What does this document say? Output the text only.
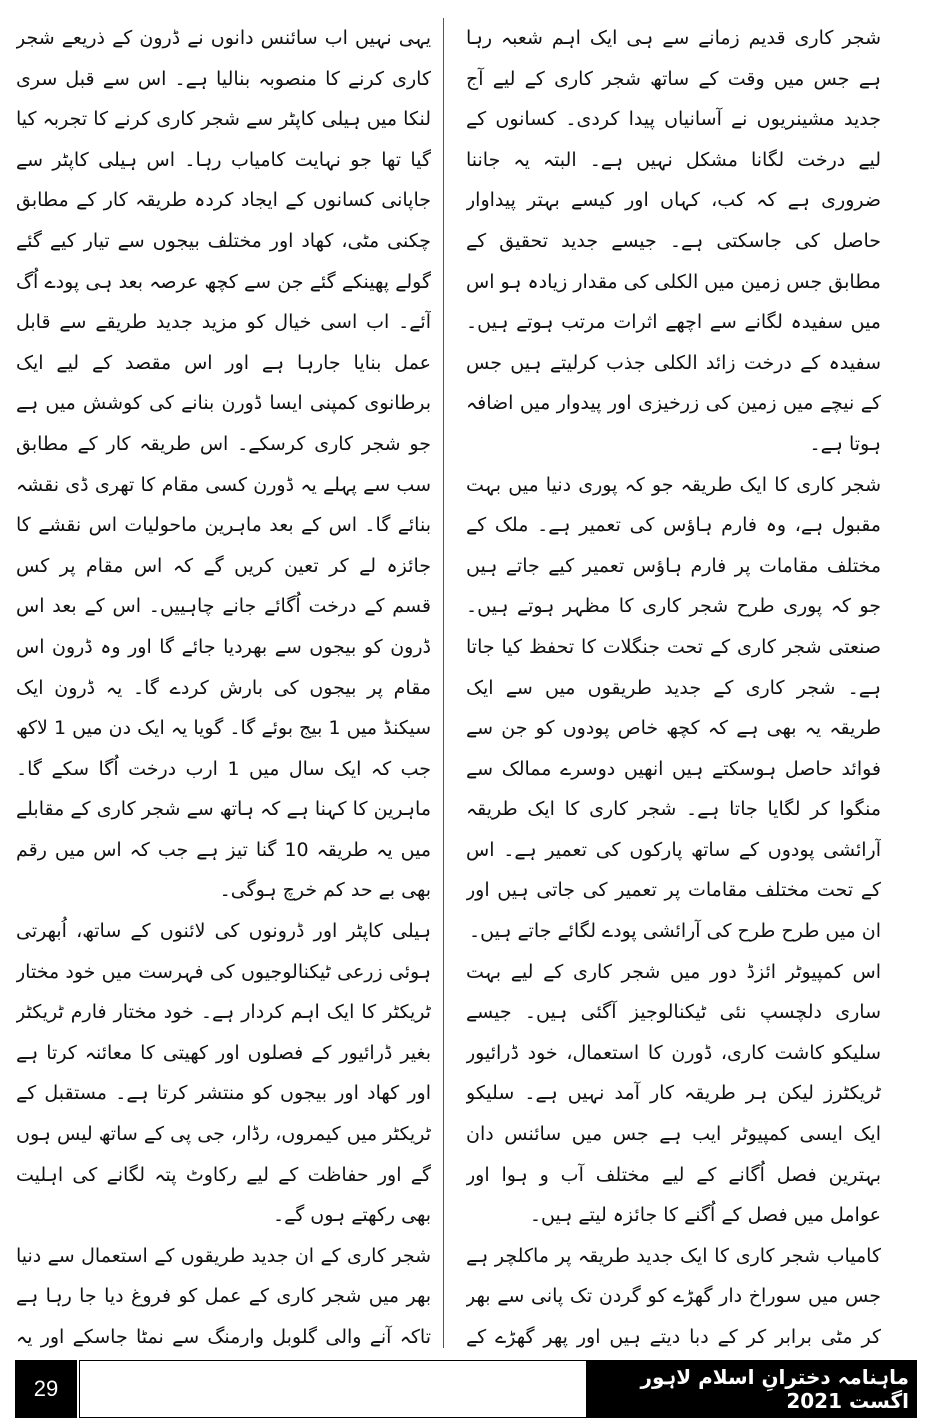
شجر کاری قدیم زمانے سے ہی ایک اہم شعبہ رہا ہے جس میں وقت کے ساتھ شجر کاری کے لیے آج جدید مشینریوں نے آسانیاں پیدا کردی۔ کسانوں کے لیے درخت لگانا مشکل نہیں ہے۔ البتہ یہ جاننا ضروری ہے کہ کب، کہاں اور کیسے بہتر پیداوار حاصل کی جاسکتی ہے۔ جیسے جدید تحقیق کے مطابق جس زمین میں الکلی کی مقدار زیادہ ہو اس میں سفیدہ لگانے سے اچھے اثرات مرتب ہوتے ہیں۔ سفیدہ کے درخت زائد الکلی جذب کرلیتے ہیں جس کے نیچے میں زمین کی زرخیزی اور پیدوار میں اضافہ ہوتا ہے۔

شجر کاری کا ایک طریقہ جو کہ پوری دنیا میں بہت مقبول ہے، وہ فارم ہاؤس کی تعمیر ہے۔ ملک کے مختلف مقامات پر فارم ہاؤس تعمیر کیے جاتے ہیں جو کہ پوری طرح شجر کاری کا مظہر ہوتے ہیں۔ صنعتی شجر کاری کے تحت جنگلات کا تحفظ کیا جاتا ہے۔ شجر کاری کے جدید طریقوں میں سے ایک طریقہ یہ بھی ہے کہ کچھ خاص پودوں کو جن سے فوائد حاصل ہوسکتے ہیں انھیں دوسرے ممالک سے منگوا کر لگایا جاتا ہے۔ شجر کاری کا ایک طریقہ آرائشی پودوں کے ساتھ پارکوں کی تعمیر ہے۔ اس کے تحت مختلف مقامات پر تعمیر کی جاتی ہیں اور ان میں طرح طرح کی آرائشی پودے لگائے جاتے ہیں۔

اس کمپیوٹر ائزڈ دور میں شجر کاری کے لیے بہت ساری دلچسپ نئی ٹیکنالوجیز آگئی ہیں۔ جیسے سلیکو کاشت کاری، ڈورن کا استعمال، خود ڈرائیور ٹریکٹرز لیکن ہر طریقہ کار آمد نہیں ہے۔ سلیکو ایک ایسی کمپیوٹر ایب ہے جس میں سائنس دان بہترین فصل اُگانے کے لیے مختلف آب و ہوا اور عوامل میں فصل کے اُگنے کا جائزہ لیتے ہیں۔

کامیاب شجر کاری کا ایک جدید طریقہ پر ماکلچر ہے جس میں سوراخ دار گھڑے کو گردن تک پانی سے بھر کر مٹی برابر کر کے دبا دیتے ہیں اور پھر گھڑے کے

یہی نہیں اب سائنس دانوں نے ڈرون کے ذریعے شجر کاری کرنے کا منصوبہ بنالیا ہے۔ اس سے قبل سری لنکا میں ہیلی کاپٹر سے شجر کاری کرنے کا تجربہ کیا گیا تھا جو نہایت کامیاب رہا۔ اس ہیلی کاپٹر سے جاپانی کسانوں کے ایجاد کردہ طریقہ کار کے مطابق چکنی مٹی، کھاد اور مختلف بیجوں سے تیار کیے گئے گولے پھینکے گئے جن سے کچھ عرصہ بعد ہی پودے اُگ آئے۔ اب اسی خیال کو مزید جدید طریقے سے قابل عمل بنایا جارہا ہے اور اس مقصد کے لیے ایک برطانوی کمپنی ایسا ڈورن بنانے کی کوشش میں ہے جو شجر کاری کرسکے۔ اس طریقہ کار کے مطابق سب سے پہلے یہ ڈورن کسی مقام کا تھری ڈی نقشہ بنائے گا۔ اس کے بعد ماہرین ماحولیات اس نقشے کا جائزہ لے کر تعین کریں گے کہ اس مقام پر کس قسم کے درخت اُگائے جانے چاہییں۔ اس کے بعد اس ڈرون کو بیجوں سے بھردیا جائے گا اور وہ ڈرون اس مقام پر بیجوں کی بارش کردے گا۔ یہ ڈرون ایک سیکنڈ میں 1 بیج بوئے گا۔ گویا یہ ایک دن میں 1 لاکھ جب کہ ایک سال میں 1 ارب درخت اُگا سکے گا۔ ماہرین کا کہنا ہے کہ ہاتھ سے شجر کاری کے مقابلے میں یہ طریقہ 10 گنا تیز ہے جب کہ اس میں رقم بھی بے حد کم خرچ ہوگی۔

ہیلی کاپٹر اور ڈرونوں کی لائنوں کے ساتھ، اُبھرتی ہوئی زرعی ٹیکنالوجیوں کی فہرست میں خود مختار ٹریکٹر کا ایک اہم کردار ہے۔ خود مختار فارم ٹریکٹر بغیر ڈرائیور کے فصلوں اور کھیتی کا معائنہ کرتا ہے اور کھاد اور بیجوں کو منتشر کرتا ہے۔ مستقبل کے ٹریکٹر میں کیمروں، رڈار، جی پی کے ساتھ لیس ہوں گے اور حفاظت کے لیے رکاوٹ پتہ لگانے کی اہلیت بھی رکھتے ہوں گے۔

شجر کاری کے ان جدید طریقوں کے استعمال سے دنیا بھر میں شجر کاری کے عمل کو فروغ دیا جا رہا ہے تاکہ آنے والی گلوبل وارمنگ سے نمٹا جاسکے اور یہ

29	ماہنامہ دخترانِ اسلام لاہور اگست 2021
